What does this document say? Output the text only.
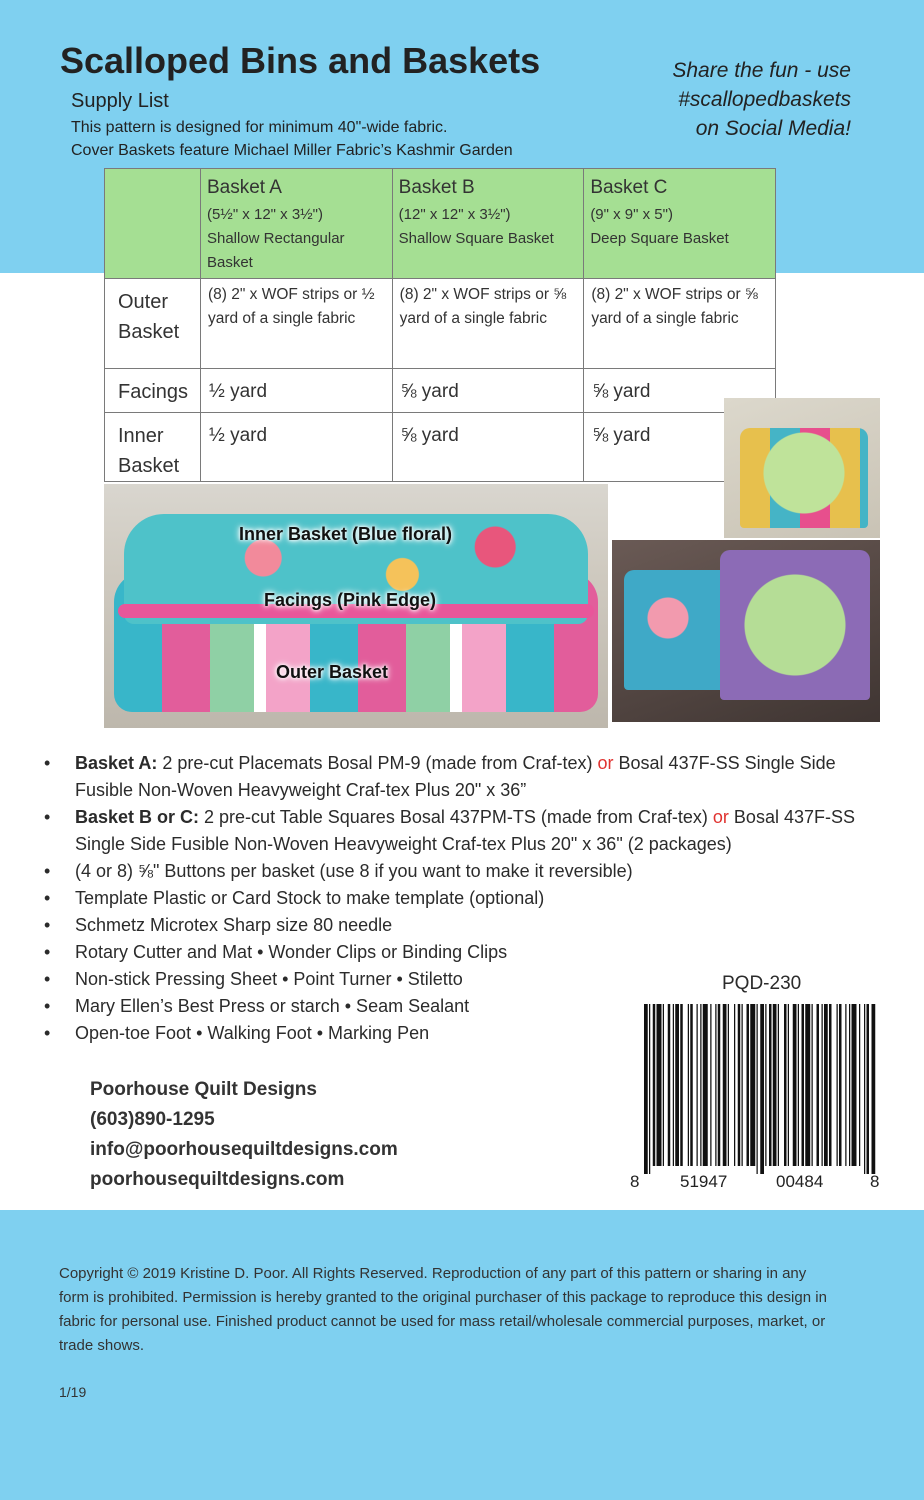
Scalloped Bins and Baskets
Supply List
This pattern is designed for minimum 40"-wide fabric.
Cover Baskets feature Michael Miller Fabric’s Kashmir Garden
Share the fun - use
#scallopedbaskets
on Social Media!

	Basket A
(5½" x 12" x 3½")
Shallow Rectangular Basket	Basket B
(12" x 12" x 3½")
Shallow Square Basket	Basket C
(9" x 9" x 5")
Deep Square Basket

Outer Basket	(8) 2" x WOF strips or ½ yard of a single fabric	(8) 2" x WOF strips or ⅝ yard of a single fabric	(8) 2" x WOF strips or ⅝ yard of a single fabric
Facings	½ yard	⅝ yard	⅝ yard
Inner Basket	½ yard	⅝ yard	⅝ yard
Inner Basket (Blue floral)
Facings (Pink Edge)
Outer Basket
• Basket A: 2 pre-cut Placemats Bosal PM-9 (made from Craf-tex) or Bosal 437F-SS Single Side Fusible Non-Woven Heavyweight Craf-tex Plus 20" x 36”
• Basket B or C: 2 pre-cut Table Squares Bosal 437PM-TS (made from Craf-tex) or Bosal 437F-SS Single Side Fusible Non-Woven Heavyweight Craf-tex Plus 20" x 36" (2 packages)
• (4 or 8) ⅝" Buttons per basket (use 8 if you want to make it reversible)
• Template Plastic or Card Stock to make template (optional)
• Schmetz Microtex Sharp size 80 needle
• Rotary Cutter and Mat • Wonder Clips or Binding Clips
• Non-stick Pressing Sheet • Point Turner • Stiletto
• Mary Ellen’s Best Press or starch • Seam Sealant
• Open-toe Foot • Walking Foot • Marking Pen
Poorhouse Quilt Designs
(603)890-1295
info@poorhousequiltdesigns.com
poorhousequiltdesigns.com
PQD-230
8 51947	00484	8
Copyright © 2019 Kristine D. Poor. All Rights Reserved. Reproduction of any part of this pattern or sharing in any form is prohibited. Permission is hereby granted to the original purchaser of this package to reproduce this design in fabric for personal use. Finished product cannot be used for mass retail/wholesale commercial purposes, market, or trade shows.
1/19
